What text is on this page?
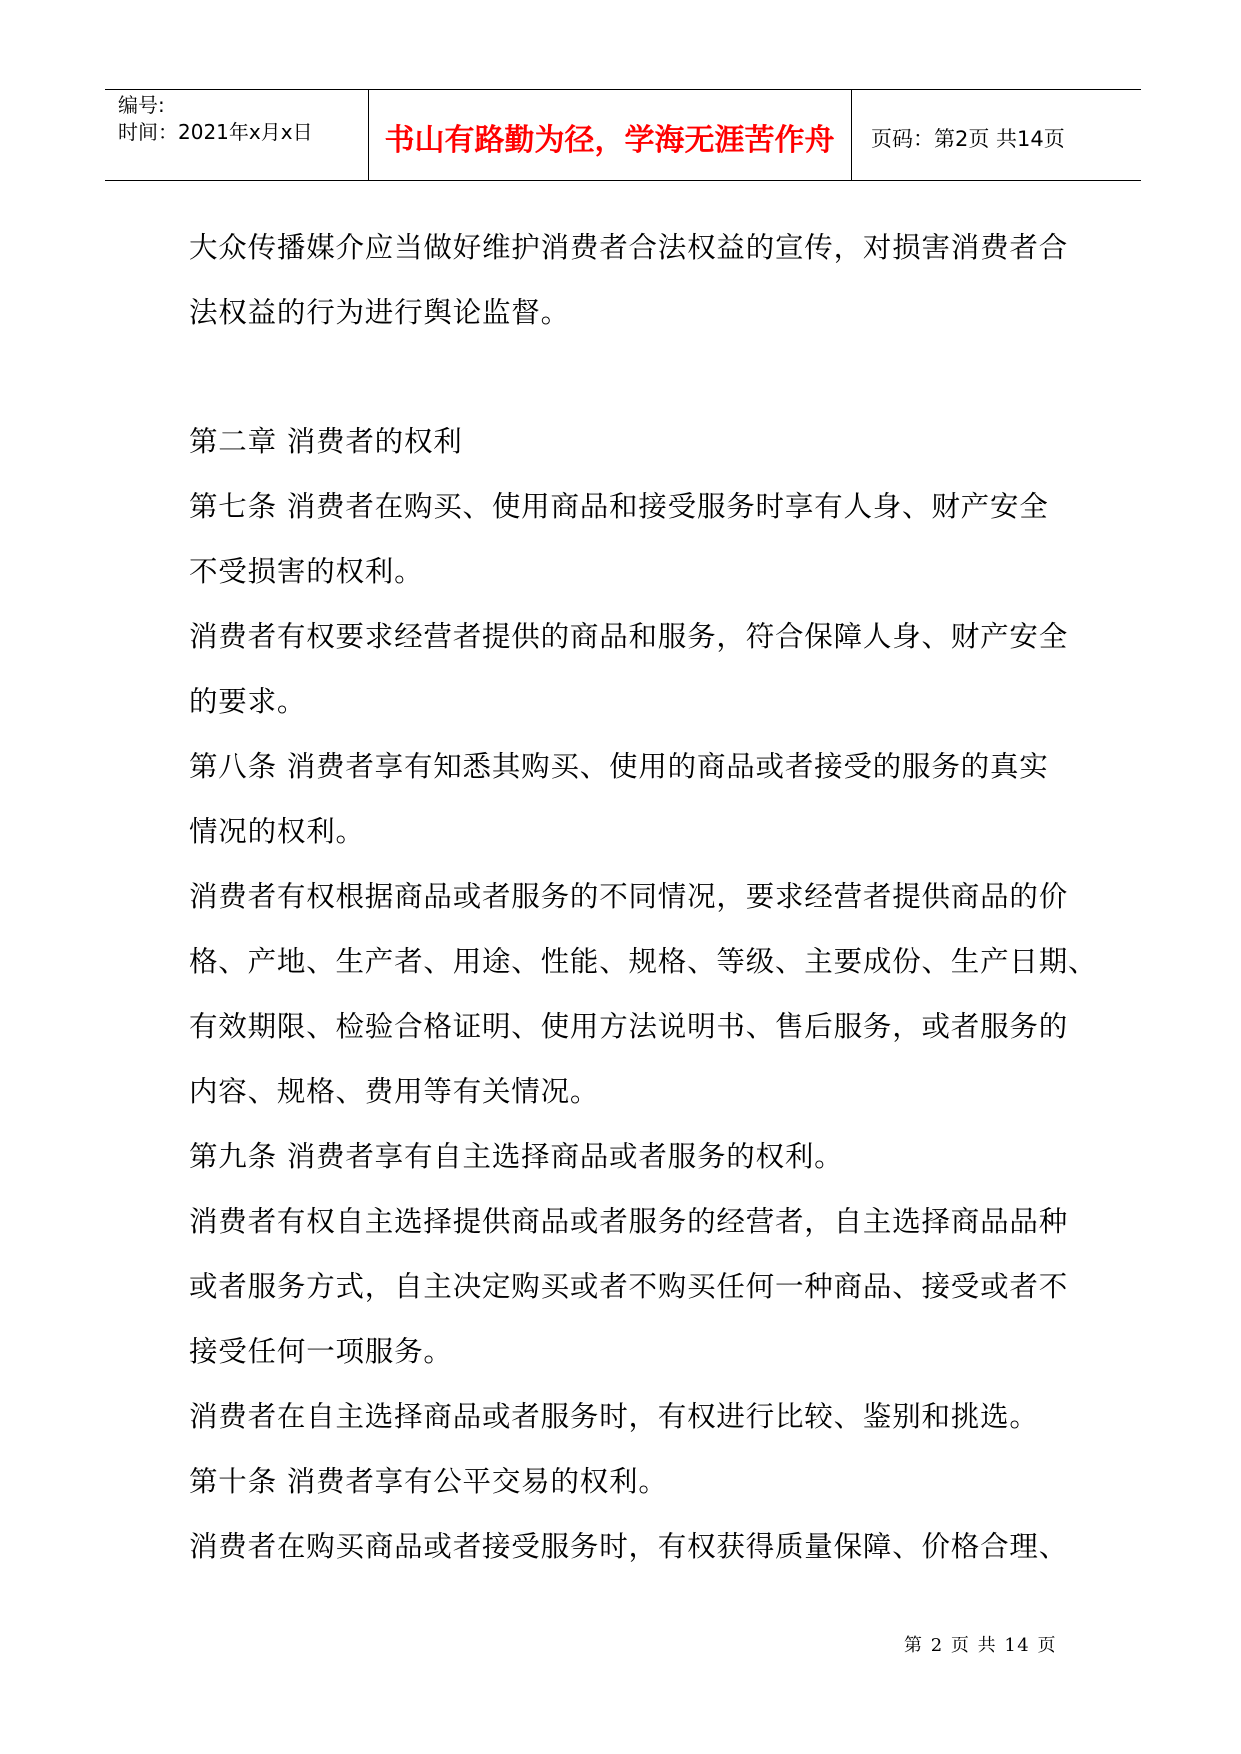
编号:
时间：2021年x月x日	书山有路勤为径，学海无涯苦作舟	页码：第2页 共14页

大众传播媒介应当做好维护消费者合法权益的宣传，对损害消费者合

法权益的行为进行舆论监督。

第二章 消费者的权利

第七条 消费者在购买、使用商品和接受服务时享有人身、财产安全

不受损害的权利。

消费者有权要求经营者提供的商品和服务，符合保障人身、财产安全

的要求。

第八条 消费者享有知悉其购买、使用的商品或者接受的服务的真实

情况的权利。

消费者有权根据商品或者服务的不同情况，要求经营者提供商品的价

格、产地、生产者、用途、性能、规格、等级、主要成份、生产日期、

有效期限、检验合格证明、使用方法说明书、售后服务，或者服务的

内容、规格、费用等有关情况。

第九条 消费者享有自主选择商品或者服务的权利。

消费者有权自主选择提供商品或者服务的经营者，自主选择商品品种

或者服务方式，自主决定购买或者不购买任何一种商品、接受或者不

接受任何一项服务。

消费者在自主选择商品或者服务时，有权进行比较、鉴别和挑选。

第十条 消费者享有公平交易的权利。

消费者在购买商品或者接受服务时，有权获得质量保障、价格合理、

第 2 页 共 14 页
